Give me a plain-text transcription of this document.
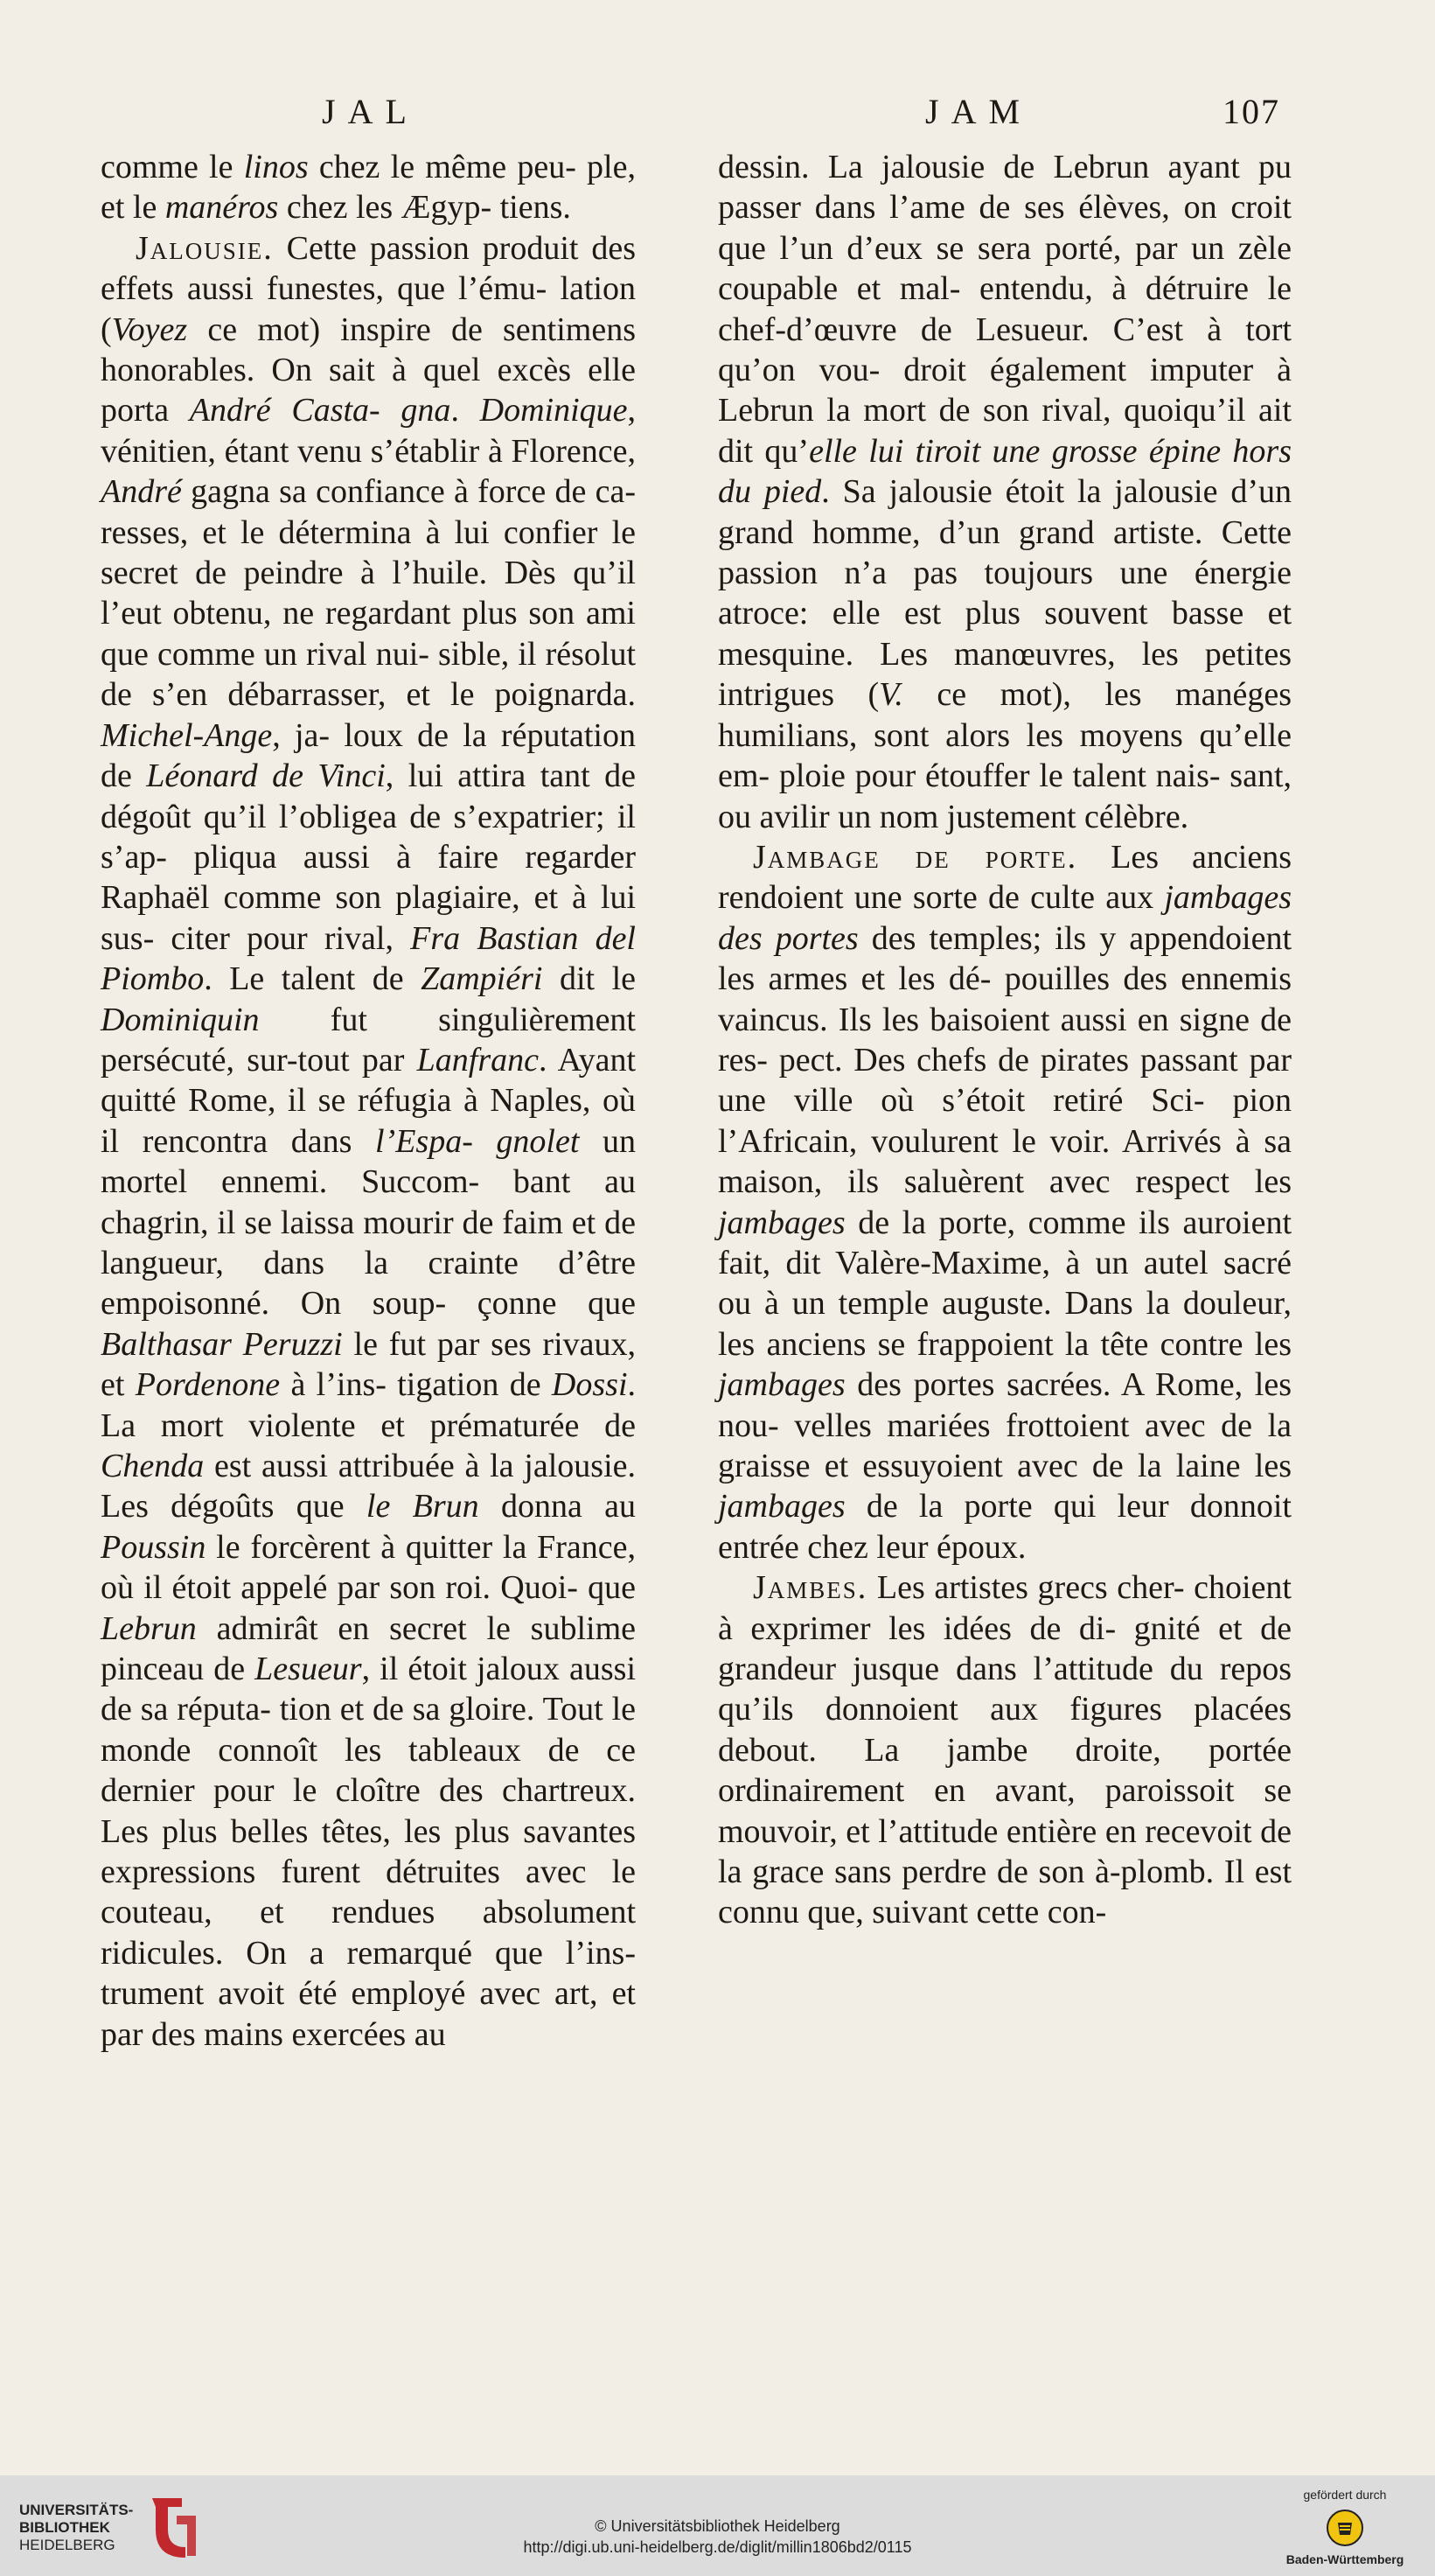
JAL	JAM	107

comme le linos chez le même peu- ple, et le manéros chez les Ægyp- tiens.

Jalousie. Cette passion produit des effets aussi funestes, que l’ému- lation (Voyez ce mot) inspire de sentimens honorables. On sait à quel excès elle porta André Casta- gna. Dominique, vénitien, étant venu s’établir à Florence, André gagna sa confiance à force de ca- resses, et le détermina à lui confier le secret de peindre à l’huile. Dès qu’il l’eut obtenu, ne regardant plus son ami que comme un rival nui- sible, il résolut de s’en débarrasser, et le poignarda. Michel-Ange, ja- loux de la réputation de Léonard de Vinci, lui attira tant de dégoût qu’il l’obligea de s’expatrier; il s’ap- pliqua aussi à faire regarder Raphaël comme son plagiaire, et à lui sus- citer pour rival, Fra Bastian del Piombo. Le talent de Zampiéri dit le Dominiquin fut singulièrement persécuté, sur-tout par Lanfranc. Ayant quitté Rome, il se réfugia à Naples, où il rencontra dans l’Espa- gnolet un mortel ennemi. Succom- bant au chagrin, il se laissa mourir de faim et de langueur, dans la crainte d’être empoisonné. On soup- çonne que Balthasar Peruzzi le fut par ses rivaux, et Pordenone à l’ins- tigation de Dossi. La mort violente et prématurée de Chenda est aussi attribuée à la jalousie. Les dégoûts que le Brun donna au Poussin le forcèrent à quitter la France, où il étoit appelé par son roi. Quoi- que Lebrun admirât en secret le sublime pinceau de Lesueur, il étoit jaloux aussi de sa réputa- tion et de sa gloire. Tout le monde connoît les tableaux de ce dernier pour le cloître des chartreux. Les plus belles têtes, les plus savantes expressions furent détruites avec le couteau, et rendues absolument ridicules. On a remarqué que l’ins- trument avoit été employé avec art, et par des mains exercées au

dessin. La jalousie de Lebrun ayant pu passer dans l’ame de ses élèves, on croit que l’un d’eux se sera porté, par un zèle coupable et mal- entendu, à détruire le chef-d’œuvre de Lesueur. C’est à tort qu’on vou- droit également imputer à Lebrun la mort de son rival, quoiqu’il ait dit qu’elle lui tiroit une grosse épine hors du pied. Sa jalousie étoit la jalousie d’un grand homme, d’un grand artiste. Cette passion n’a pas toujours une énergie atroce: elle est plus souvent basse et mesquine. Les manœuvres, les petites intrigues (V. ce mot), les manéges humilians, sont alors les moyens qu’elle em- ploie pour étouffer le talent nais- sant, ou avilir un nom justement célèbre.

Jambage de porte. Les anciens rendoient une sorte de culte aux jambages des portes des temples; ils y appendoient les armes et les dé- pouilles des ennemis vaincus. Ils les baisoient aussi en signe de res- pect. Des chefs de pirates passant par une ville où s’étoit retiré Sci- pion l’Africain, voulurent le voir. Arrivés à sa maison, ils saluèrent avec respect les jambages de la porte, comme ils auroient fait, dit Valère-Maxime, à un autel sacré ou à un temple auguste. Dans la douleur, les anciens se frappoient la tête contre les jambages des portes sacrées. A Rome, les nou- velles mariées frottoient avec de la graisse et essuyoient avec de la laine les jambages de la porte qui leur donnoit entrée chez leur époux.

Jambes. Les artistes grecs cher- choient à exprimer les idées de di- gnité et de grandeur jusque dans l’attitude du repos qu’ils donnoient aux figures placées debout. La jambe droite, portée ordinairement en avant, paroissoit se mouvoir, et l’attitude entière en recevoit de la grace sans perdre de son à-plomb. Il est connu que, suivant cette con-

UNIVERSITÄTS-
BIBLIOTHEK
HEIDELBERG
© Universitätsbibliothek Heidelberg
http://digi.ub.uni-heidelberg.de/diglit/millin1806bd2/0115
gefördert durch
Baden-Württemberg
